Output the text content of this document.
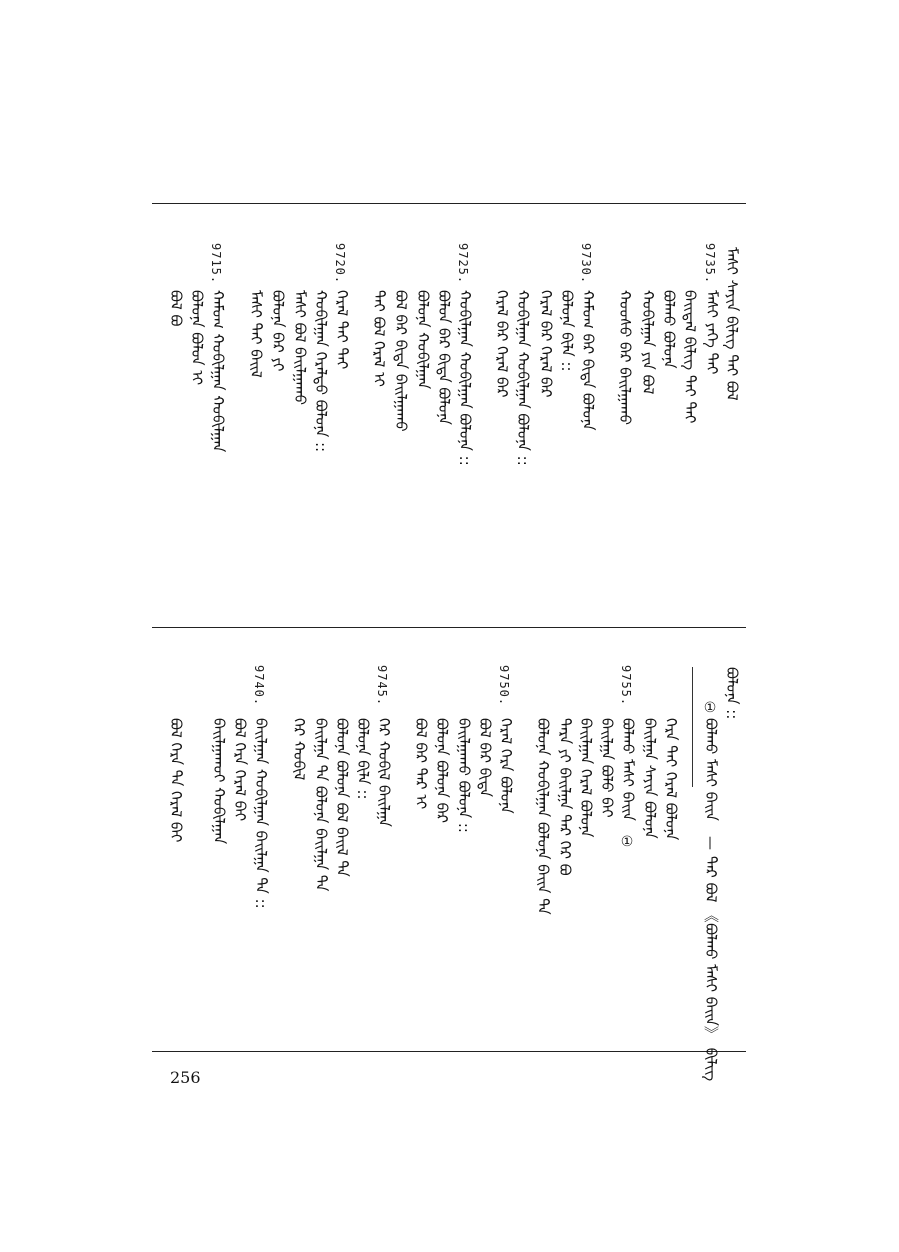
ᠮᠠᠰᠢ ᠰᠠᠶᠢᠨ ᠪᠢᠯᠢᠭ ᠲᠠᠢ ᠪᠣᠯ
9735.
ᠮᠠᠰᠢ ᠶᠡᠬᠡ ᠲᠠᠢ
ᠪᠠᠢᠳᠠᠯ ᠪᠢᠯᠢᠭ ᠲᠠᠢ ᠲᠠᠢ
ᠪᠣᠯᠬᠤ ᠪᠣᠯᠤᠨᠠ
ᠬᠤᠪᠢᠯᠭᠠᠨ ᠶᠢᠨ ᠪᠣᠯ
ᠬᠣᠣᠰᠣ ᠪᠡᠷ ᠪᠠᠢᠯᠭᠠᠬᠤ
9730.
ᠬᠠᠮᠤᠭ ᠪᠠᠷ ᠪᠢᠳᠡ ᠪᠣᠯᠤᠨᠠ
ᠪᠣᠯᠤᠨᠠ ᠪᠢᠯᠡ ::
ᠭᠡᠷᠡᠯ ᠪᠡᠷ ᠭᠡᠷᠡᠯ ᠪᠡᠷ
ᠬᠣᠪᠢᠯᠭᠠᠨ ᠬᠣᠪᠢᠯᠭᠠᠨ ᠪᠣᠯᠤᠨᠠ ::
ᠭᠡᠷᠡᠯ ᠪᠡᠷ ᠭᠡᠷᠡᠯ ᠪᠡᠷ
9725.
ᠬᠣᠪᠢᠯᠭᠠᠨ ᠬᠣᠪᠢᠯᠭᠠᠨ ᠪᠣᠯᠤᠨᠠ ::
ᠪᠣᠯᠤᠨ ᠪᠡᠷ ᠪᠢᠳᠡ ᠪᠣᠯᠤᠨᠠ
ᠪᠣᠯᠤᠨᠠ ᠬᠣᠪᠢᠯᠭᠠᠨ
ᠪᠣᠯ ᠪᠡᠷ ᠪᠢᠳᠡ ᠪᠠᠢᠯᠭᠠᠬᠤ
ᠲᠠᠢ ᠪᠣᠯ ᠭᠡᠷᠡᠯ ᠢ
9720.
ᠭᠡᠷᠡᠯ ᠲᠠᠢ ᠲᠠᠢ
ᠬᠣᠪᠢᠯᠭᠠᠨ ᠭᠡᠷᠡᠯᠲᠦ ᠪᠣᠯᠤᠨᠠ ::
ᠮᠠᠰᠢ ᠪᠣᠯ ᠪᠠᠢᠯᠭᠠᠬᠤ
ᠪᠣᠯᠤᠨᠠ ᠪᠡᠷ ᠶᠢ
ᠮᠠᠰᠢ ᠲᠠᠢ ᠪᠠᠢᠯ
9715.
ᠬᠠᠮᠤᠭ ᠬᠣᠪᠢᠯᠭᠠᠨ ᠬᠣᠪᠢᠯᠭᠠᠨ
ᠪᠣᠯᠤᠨᠠ ᠪᠣᠯᠤᠨ ᠢ
ᠪᠣᠯ ᠪᠣ
ᠪᠣᠯᠤᠨᠠ ::
①
ᠪᠣᠯᠬᠤ ᠮᠠᠰᠢ ᠪᠠᠢᠨ
—
ᠲᠡᠷ ᠪᠣᠯ 《ᠪᠣᠯᠬᠤ ᠮᠠᠰᠢ ᠪᠠᠢᠨ》 ᠪᠢᠯᠢᠭ
ᠭᠡᠷᠡ ᠲᠠᠢ ᠭᠡᠷᠡᠯ ᠪᠣᠯᠤᠨᠠ
ᠪᠠᠢᠯᠭᠠ ᠰᠠᠶᠢᠨ ᠪᠣᠯᠤᠨᠠ
9755.
ᠪᠣᠯᠬᠤ ᠮᠠᠰᠢ ᠪᠠᠢᠨ
①
ᠪᠠᠢᠯᠭᠠ ᠪᠣᠯᠤ ᠪᠠᠢ
ᠪᠠᠢᠯᠭᠠᠨ ᠭᠡᠷᠡᠯ ᠪᠣᠯᠤᠨᠠ
ᠲᠡᠷᠡ ᠶᠢ ᠪᠠᠢᠯᠭᠠ ᠲᠡᠷ ᠭᠡᠷ ᠪᠣ
ᠪᠣᠯᠤᠨᠠ ᠬᠣᠪᠢᠯᠭᠠᠨ ᠪᠣᠯᠤᠨᠠ ᠪᠠᠢᠨ ᠲᠠ
9750.
ᠭᠡᠷᠡᠯ ᠭᠡᠷᠡ ᠪᠣᠯᠤᠨᠠ
ᠪᠣᠯ ᠪᠡᠷ ᠪᠢᠳᠡ
ᠪᠠᠢᠯᠭᠠᠬᠤ ᠪᠣᠯᠤᠨᠠ ::
ᠪᠣᠯᠤᠨᠠ ᠪᠣᠯᠤᠨᠠ ᠪᠡᠷ
ᠪᠣᠯ ᠪᠡᠷ ᠲᠡᠷ ᠢ
9745.
ᠭᠡᠷ ᠬᠣᠪᠢᠯ ᠪᠠᠢᠯᠭᠠ
ᠪᠣᠯᠤᠨᠠ ᠪᠢᠯᠡ ::
ᠪᠣᠯᠤᠨᠠ ᠪᠣᠯᠤᠨᠠ ᠪᠣᠯ ᠪᠠᠢᠯ ᠲᠡ
ᠪᠠᠢᠯᠭᠠ ᠲᠡ ᠪᠣᠯᠤᠨᠠ ᠪᠠᠢᠯᠭᠠ ᠲᠡ
ᠭᠡᠷ ᠬᠣᠪᠢᠯ
9740.
ᠪᠠᠢᠯᠭᠠᠨ ᠬᠣᠪᠢᠯᠭᠠᠨ ᠪᠠᠢᠯᠭᠠ ᠲᠡ ::
ᠪᠣᠯ ᠭᠡᠷᠡ ᠭᠡᠷᠡᠯ ᠪᠠᠢ
ᠪᠠᠢᠯᠭᠠᠬᠤᠢ ᠬᠣᠪᠢᠯᠭᠠᠨ
ᠪᠣᠯ ᠭᠡᠷᠡ ᠲᠡ ᠭᠡᠷᠡᠯ ᠪᠠᠢ
256
